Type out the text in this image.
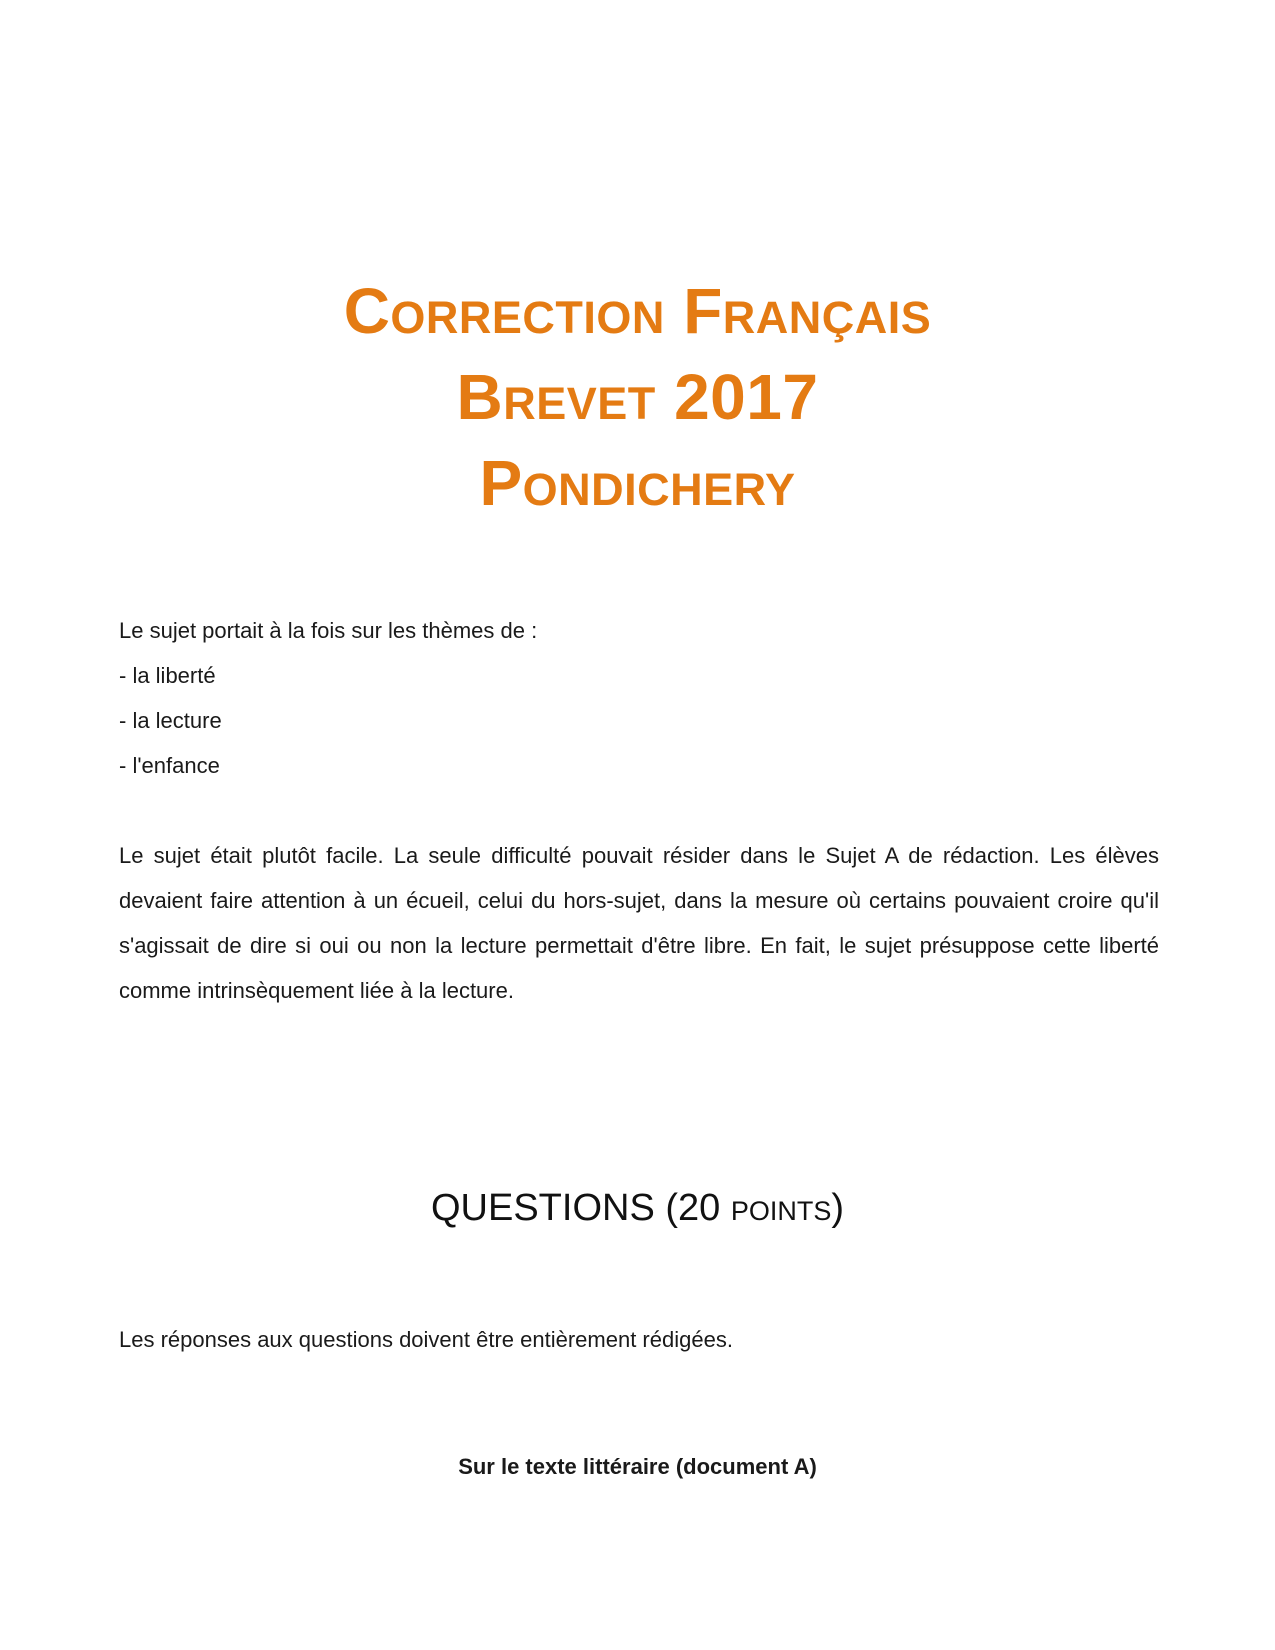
Correction Français
Brevet 2017
Pondichery
Le sujet portait à la fois sur les thèmes de :
- la liberté
- la lecture
- l'enfance
Le sujet était plutôt facile. La seule difficulté pouvait résider dans le Sujet A de rédaction. Les élèves devaient faire attention à un écueil, celui du hors-sujet, dans la mesure où certains pouvaient croire qu'il s'agissait de dire si oui ou non la lecture permettait d'être libre. En fait, le sujet présuppose cette liberté comme intrinsèquement liée à la lecture.
QUESTIONS (20 points)
Les réponses aux questions doivent être entièrement rédigées.
Sur le texte littéraire (document A)
